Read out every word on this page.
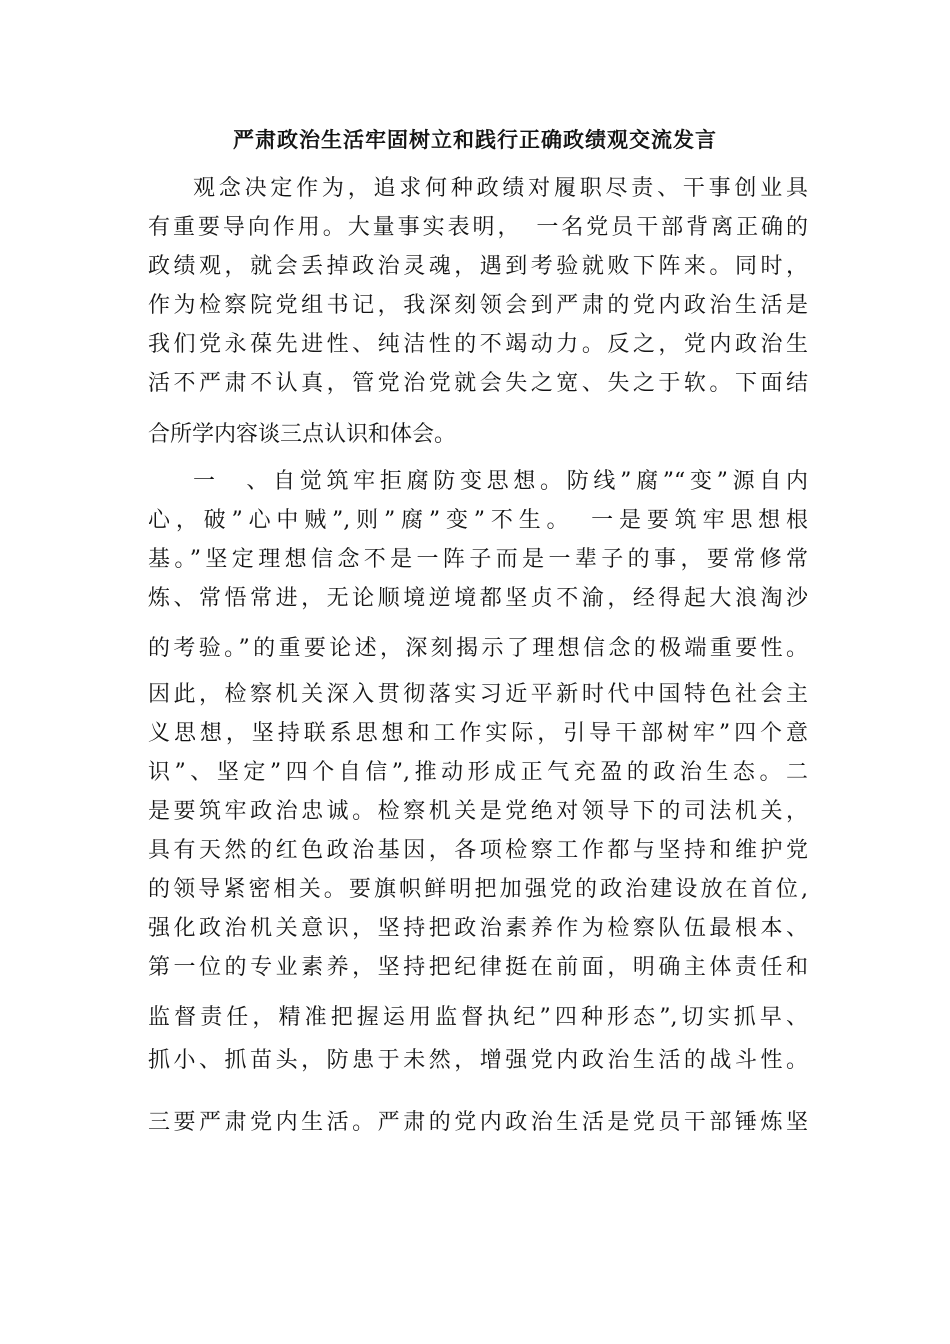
严肃政治生活牢固树立和践行正确政绩观交流发言
观念决定作为，追求何种政绩对履职尽责、干事创业具
有重要导向作用。大量事实表明，　一名党员干部背离正确的
政绩观，就会丢掉政治灵魂，遇到考验就败下阵来。同时，
作为检察院党组书记，我深刻领会到严肃的党内政治生活是
我们党永葆先进性、纯洁性的不竭动力。反之，党内政治生
活不严肃不认真，管党治党就会失之宽、失之于软。下面结
合所学内容谈三点认识和体会。
一　、自觉筑牢拒腐防变思想。防线”腐”“变”源自内
心，破”心中贼”,则”腐”变”不生。　一是要筑牢思想根
基。”坚定理想信念不是一阵子而是一辈子的事，要常修常
炼、常悟常进，无论顺境逆境都坚贞不渝，经得起大浪淘沙
的考验。”的重要论述，深刻揭示了理想信念的极端重要性。
因此，检察机关深入贯彻落实习近平新时代中国特色社会主
义思想，坚持联系思想和工作实际，引导干部树牢”四个意
识”、坚定”四个自信”,推动形成正气充盈的政治生态。二
是要筑牢政治忠诚。检察机关是党绝对领导下的司法机关，
具有天然的红色政治基因，各项检察工作都与坚持和维护党
的领导紧密相关。要旗帜鲜明把加强党的政治建设放在首位,
强化政治机关意识，坚持把政治素养作为检察队伍最根本、
第一位的专业素养，坚持把纪律挺在前面，明确主体责任和
监督责任，精准把握运用监督执纪”四种形态”,切实抓早、
抓小、抓苗头，防患于未然，增强党内政治生活的战斗性。
三要严肃党内生活。严肃的党内政治生活是党员干部锤炼坚
